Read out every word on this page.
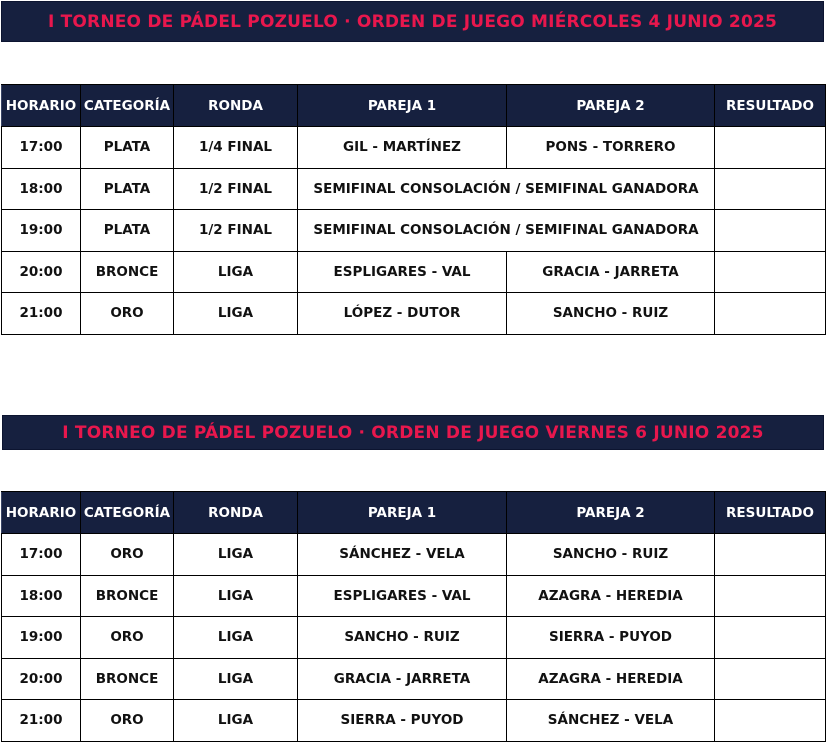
I TORNEO DE PÁDEL POZUELO · ORDEN DE JUEGO MIÉRCOLES 4 JUNIO 2025
HORARIO	CATEGORÍA	RONDA	PAREJA 1	PAREJA 2	RESULTADO
17:00	PLATA	1/4 FINAL	GIL - MARTÍNEZ	PONS - TORRERO	
18:00	PLATA	1/2 FINAL	SEMIFINAL CONSOLACIÓN / SEMIFINAL GANADORA		
19:00	PLATA	1/2 FINAL	SEMIFINAL CONSOLACIÓN / SEMIFINAL GANADORA		
20:00	BRONCE	LIGA	ESPLIGARES - VAL	GRACIA - JARRETA	
21:00	ORO	LIGA	LÓPEZ - DUTOR	SANCHO - RUIZ	
I TORNEO DE PÁDEL POZUELO · ORDEN DE JUEGO VIERNES 6 JUNIO 2025
HORARIO	CATEGORÍA	RONDA	PAREJA 1	PAREJA 2	RESULTADO
17:00	ORO	LIGA	SÁNCHEZ - VELA	SANCHO - RUIZ	
18:00	BRONCE	LIGA	ESPLIGARES - VAL	AZAGRA - HEREDIA	
19:00	ORO	LIGA	SANCHO - RUIZ	SIERRA - PUYOD	
20:00	BRONCE	LIGA	GRACIA - JARRETA	AZAGRA - HEREDIA	
21:00	ORO	LIGA	SIERRA - PUYOD	SÁNCHEZ - VELA	
